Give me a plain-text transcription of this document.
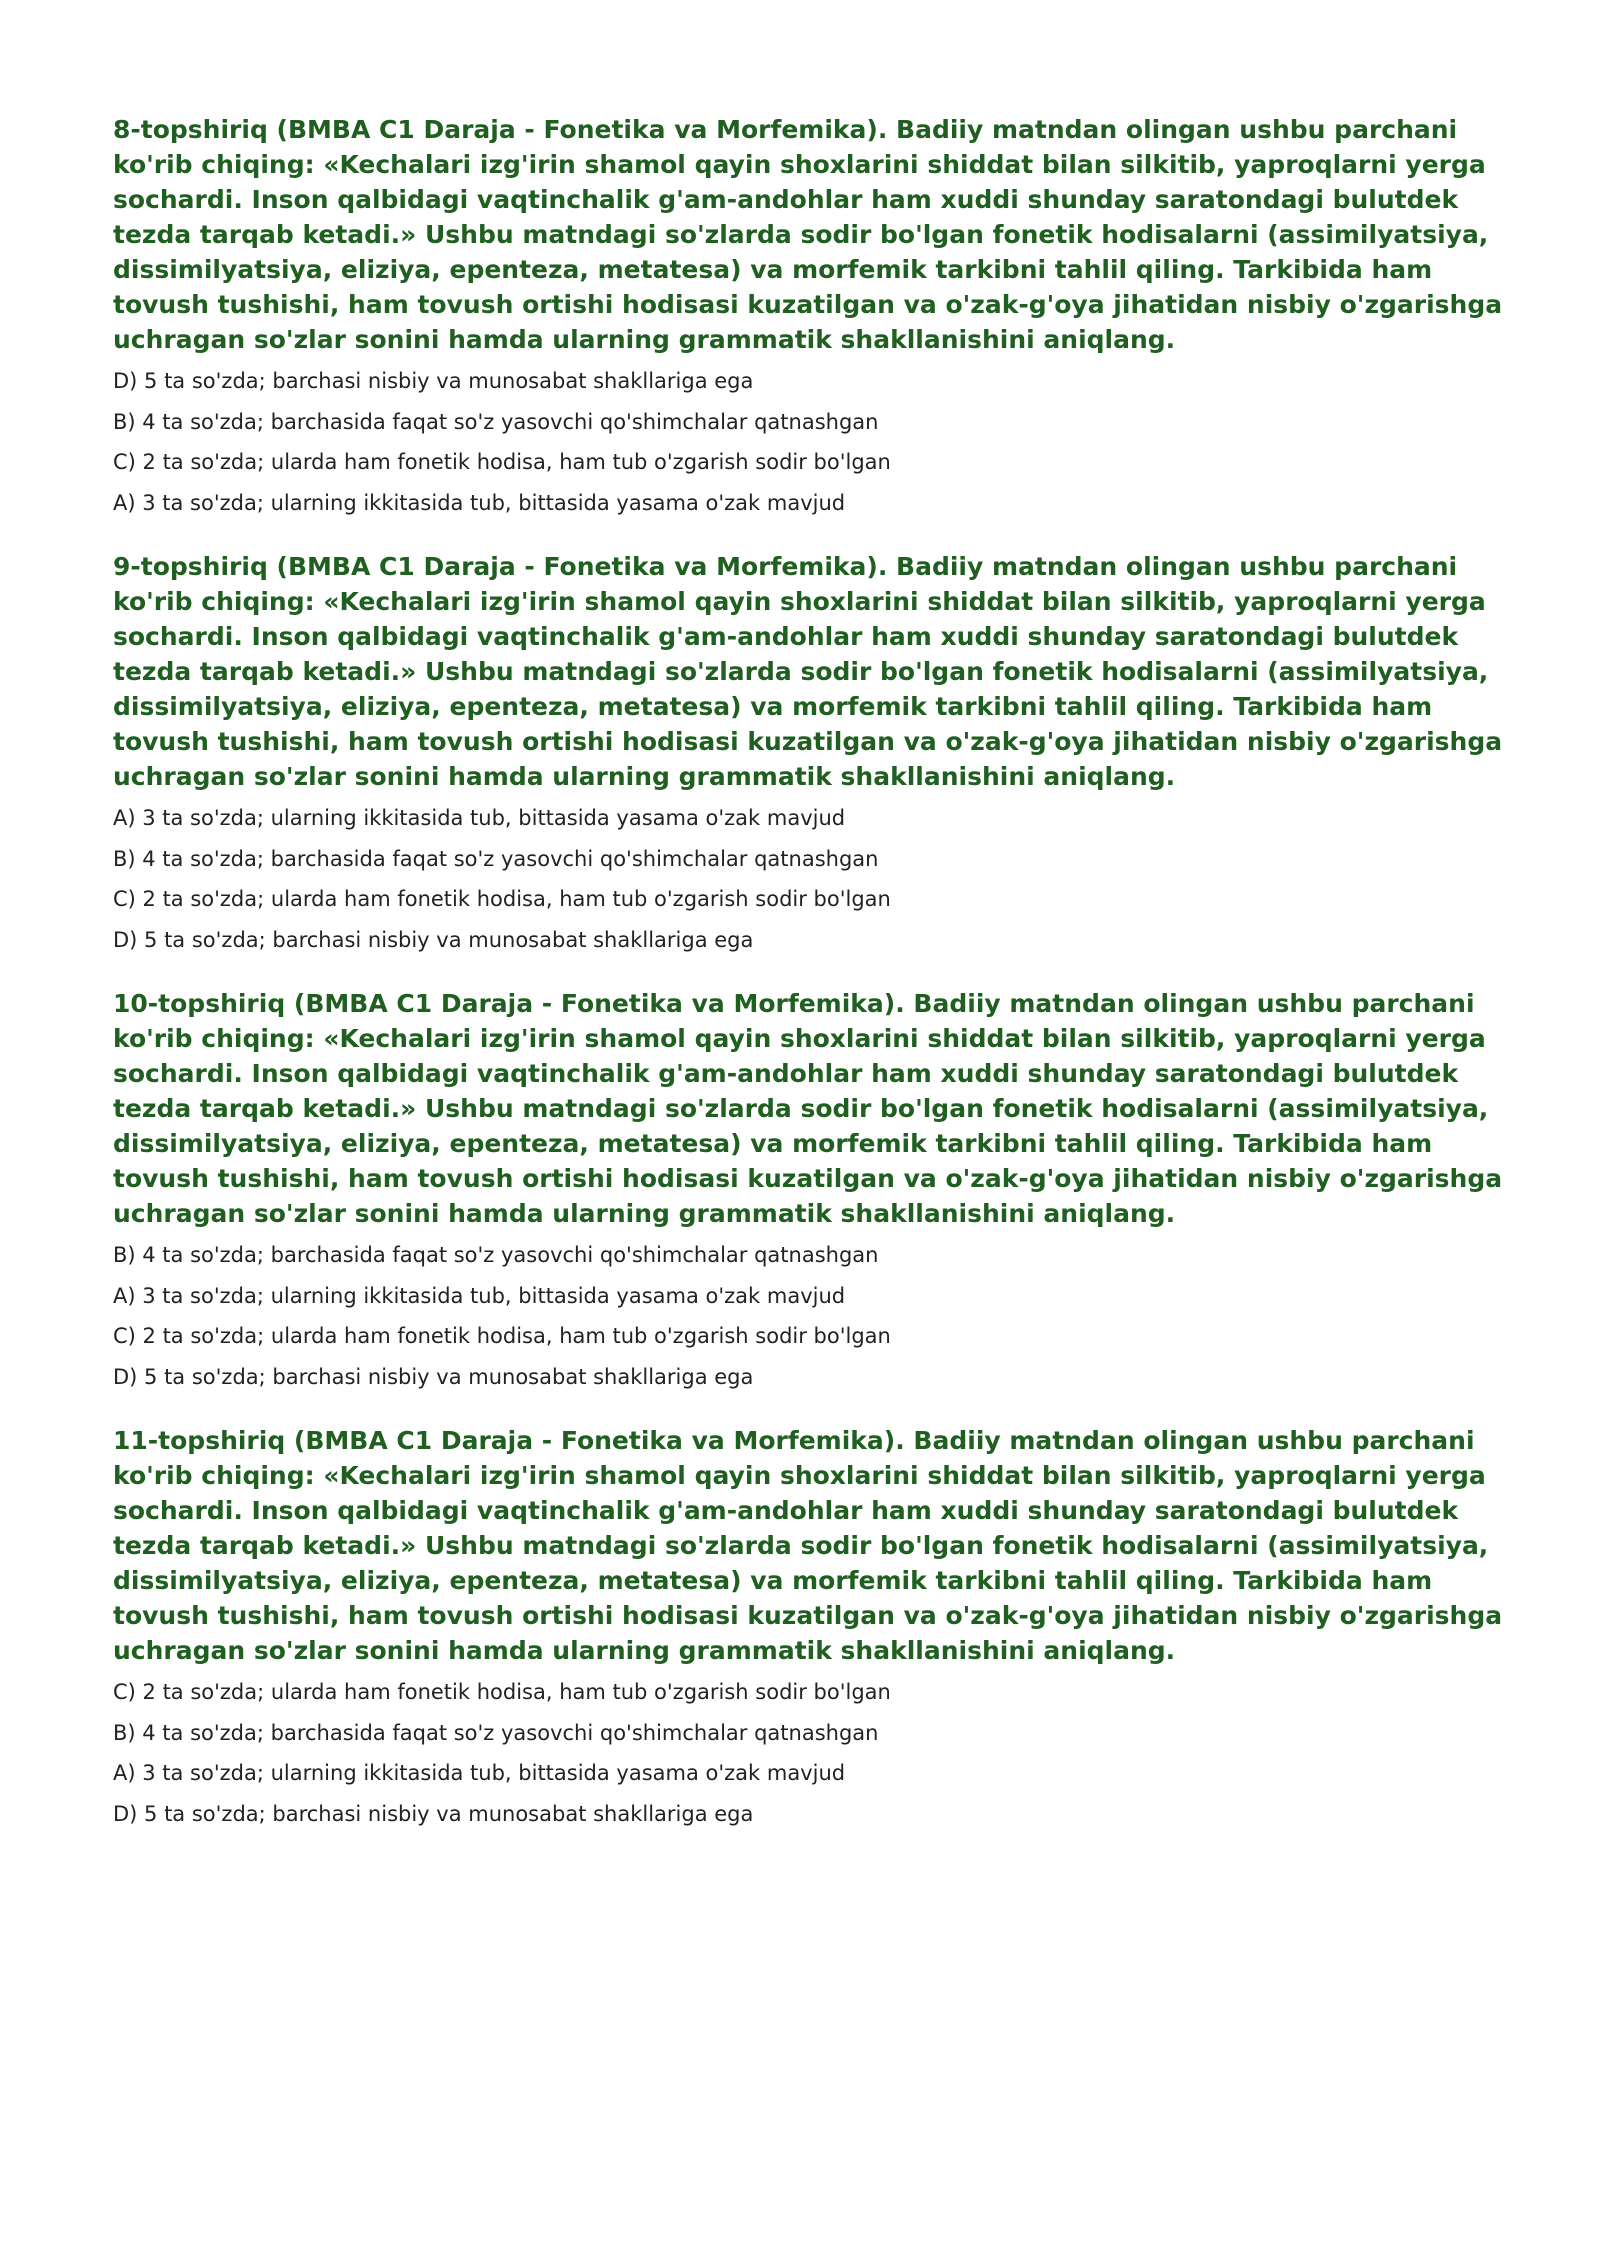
8-topshiriq (BMBA C1 Daraja - Fonetika va Morfemika). Badiiy matndan olingan ushbu parchani ko'rib chiqing: «Kechalari izg'irin shamol qayin shoxlarini shiddat bilan silkitib, yaproqlarni yerga sochardi. Inson qalbidagi vaqtinchalik g'am-andohlar ham xuddi shunday saratondagi bulutdek tezda tarqab ketadi.» Ushbu matndagi so'zlarda sodir bo'lgan fonetik hodisalarni (assimilyatsiya, dissimilyatsiya, eliziya, epenteza, metatesa) va morfemik tarkibni tahlil qiling. Tarkibida ham tovush tushishi, ham tovush ortishi hodisasi kuzatilgan va o'zak-g'oya jihatidan nisbiy o'zgarishga uchragan so'zlar sonini hamda ularning grammatik shakllanishini aniqlang.

D) 5 ta so'zda; barchasi nisbiy va munosabat shakllariga ega
B) 4 ta so'zda; barchasida faqat so'z yasovchi qo'shimchalar qatnashgan
C) 2 ta so'zda; ularda ham fonetik hodisa, ham tub o'zgarish sodir bo'lgan
A) 3 ta so'zda; ularning ikkitasida tub, bittasida yasama o'zak mavjud

9-topshiriq (BMBA C1 Daraja - Fonetika va Morfemika). Badiiy matndan olingan ushbu parchani ko'rib chiqing: «Kechalari izg'irin shamol qayin shoxlarini shiddat bilan silkitib, yaproqlarni yerga sochardi. Inson qalbidagi vaqtinchalik g'am-andohlar ham xuddi shunday saratondagi bulutdek tezda tarqab ketadi.» Ushbu matndagi so'zlarda sodir bo'lgan fonetik hodisalarni (assimilyatsiya, dissimilyatsiya, eliziya, epenteza, metatesa) va morfemik tarkibni tahlil qiling. Tarkibida ham tovush tushishi, ham tovush ortishi hodisasi kuzatilgan va o'zak-g'oya jihatidan nisbiy o'zgarishga uchragan so'zlar sonini hamda ularning grammatik shakllanishini aniqlang.

A) 3 ta so'zda; ularning ikkitasida tub, bittasida yasama o'zak mavjud
B) 4 ta so'zda; barchasida faqat so'z yasovchi qo'shimchalar qatnashgan
C) 2 ta so'zda; ularda ham fonetik hodisa, ham tub o'zgarish sodir bo'lgan
D) 5 ta so'zda; barchasi nisbiy va munosabat shakllariga ega

10-topshiriq (BMBA C1 Daraja - Fonetika va Morfemika). Badiiy matndan olingan ushbu parchani ko'rib chiqing: «Kechalari izg'irin shamol qayin shoxlarini shiddat bilan silkitib, yaproqlarni yerga sochardi. Inson qalbidagi vaqtinchalik g'am-andohlar ham xuddi shunday saratondagi bulutdek tezda tarqab ketadi.» Ushbu matndagi so'zlarda sodir bo'lgan fonetik hodisalarni (assimilyatsiya, dissimilyatsiya, eliziya, epenteza, metatesa) va morfemik tarkibni tahlil qiling. Tarkibida ham tovush tushishi, ham tovush ortishi hodisasi kuzatilgan va o'zak-g'oya jihatidan nisbiy o'zgarishga uchragan so'zlar sonini hamda ularning grammatik shakllanishini aniqlang.

B) 4 ta so'zda; barchasida faqat so'z yasovchi qo'shimchalar qatnashgan
A) 3 ta so'zda; ularning ikkitasida tub, bittasida yasama o'zak mavjud
C) 2 ta so'zda; ularda ham fonetik hodisa, ham tub o'zgarish sodir bo'lgan
D) 5 ta so'zda; barchasi nisbiy va munosabat shakllariga ega

11-topshiriq (BMBA C1 Daraja - Fonetika va Morfemika). Badiiy matndan olingan ushbu parchani ko'rib chiqing: «Kechalari izg'irin shamol qayin shoxlarini shiddat bilan silkitib, yaproqlarni yerga sochardi. Inson qalbidagi vaqtinchalik g'am-andohlar ham xuddi shunday saratondagi bulutdek tezda tarqab ketadi.» Ushbu matndagi so'zlarda sodir bo'lgan fonetik hodisalarni (assimilyatsiya, dissimilyatsiya, eliziya, epenteza, metatesa) va morfemik tarkibni tahlil qiling. Tarkibida ham tovush tushishi, ham tovush ortishi hodisasi kuzatilgan va o'zak-g'oya jihatidan nisbiy o'zgarishga uchragan so'zlar sonini hamda ularning grammatik shakllanishini aniqlang.

C) 2 ta so'zda; ularda ham fonetik hodisa, ham tub o'zgarish sodir bo'lgan
B) 4 ta so'zda; barchasida faqat so'z yasovchi qo'shimchalar qatnashgan
A) 3 ta so'zda; ularning ikkitasida tub, bittasida yasama o'zak mavjud
D) 5 ta so'zda; barchasi nisbiy va munosabat shakllariga ega
